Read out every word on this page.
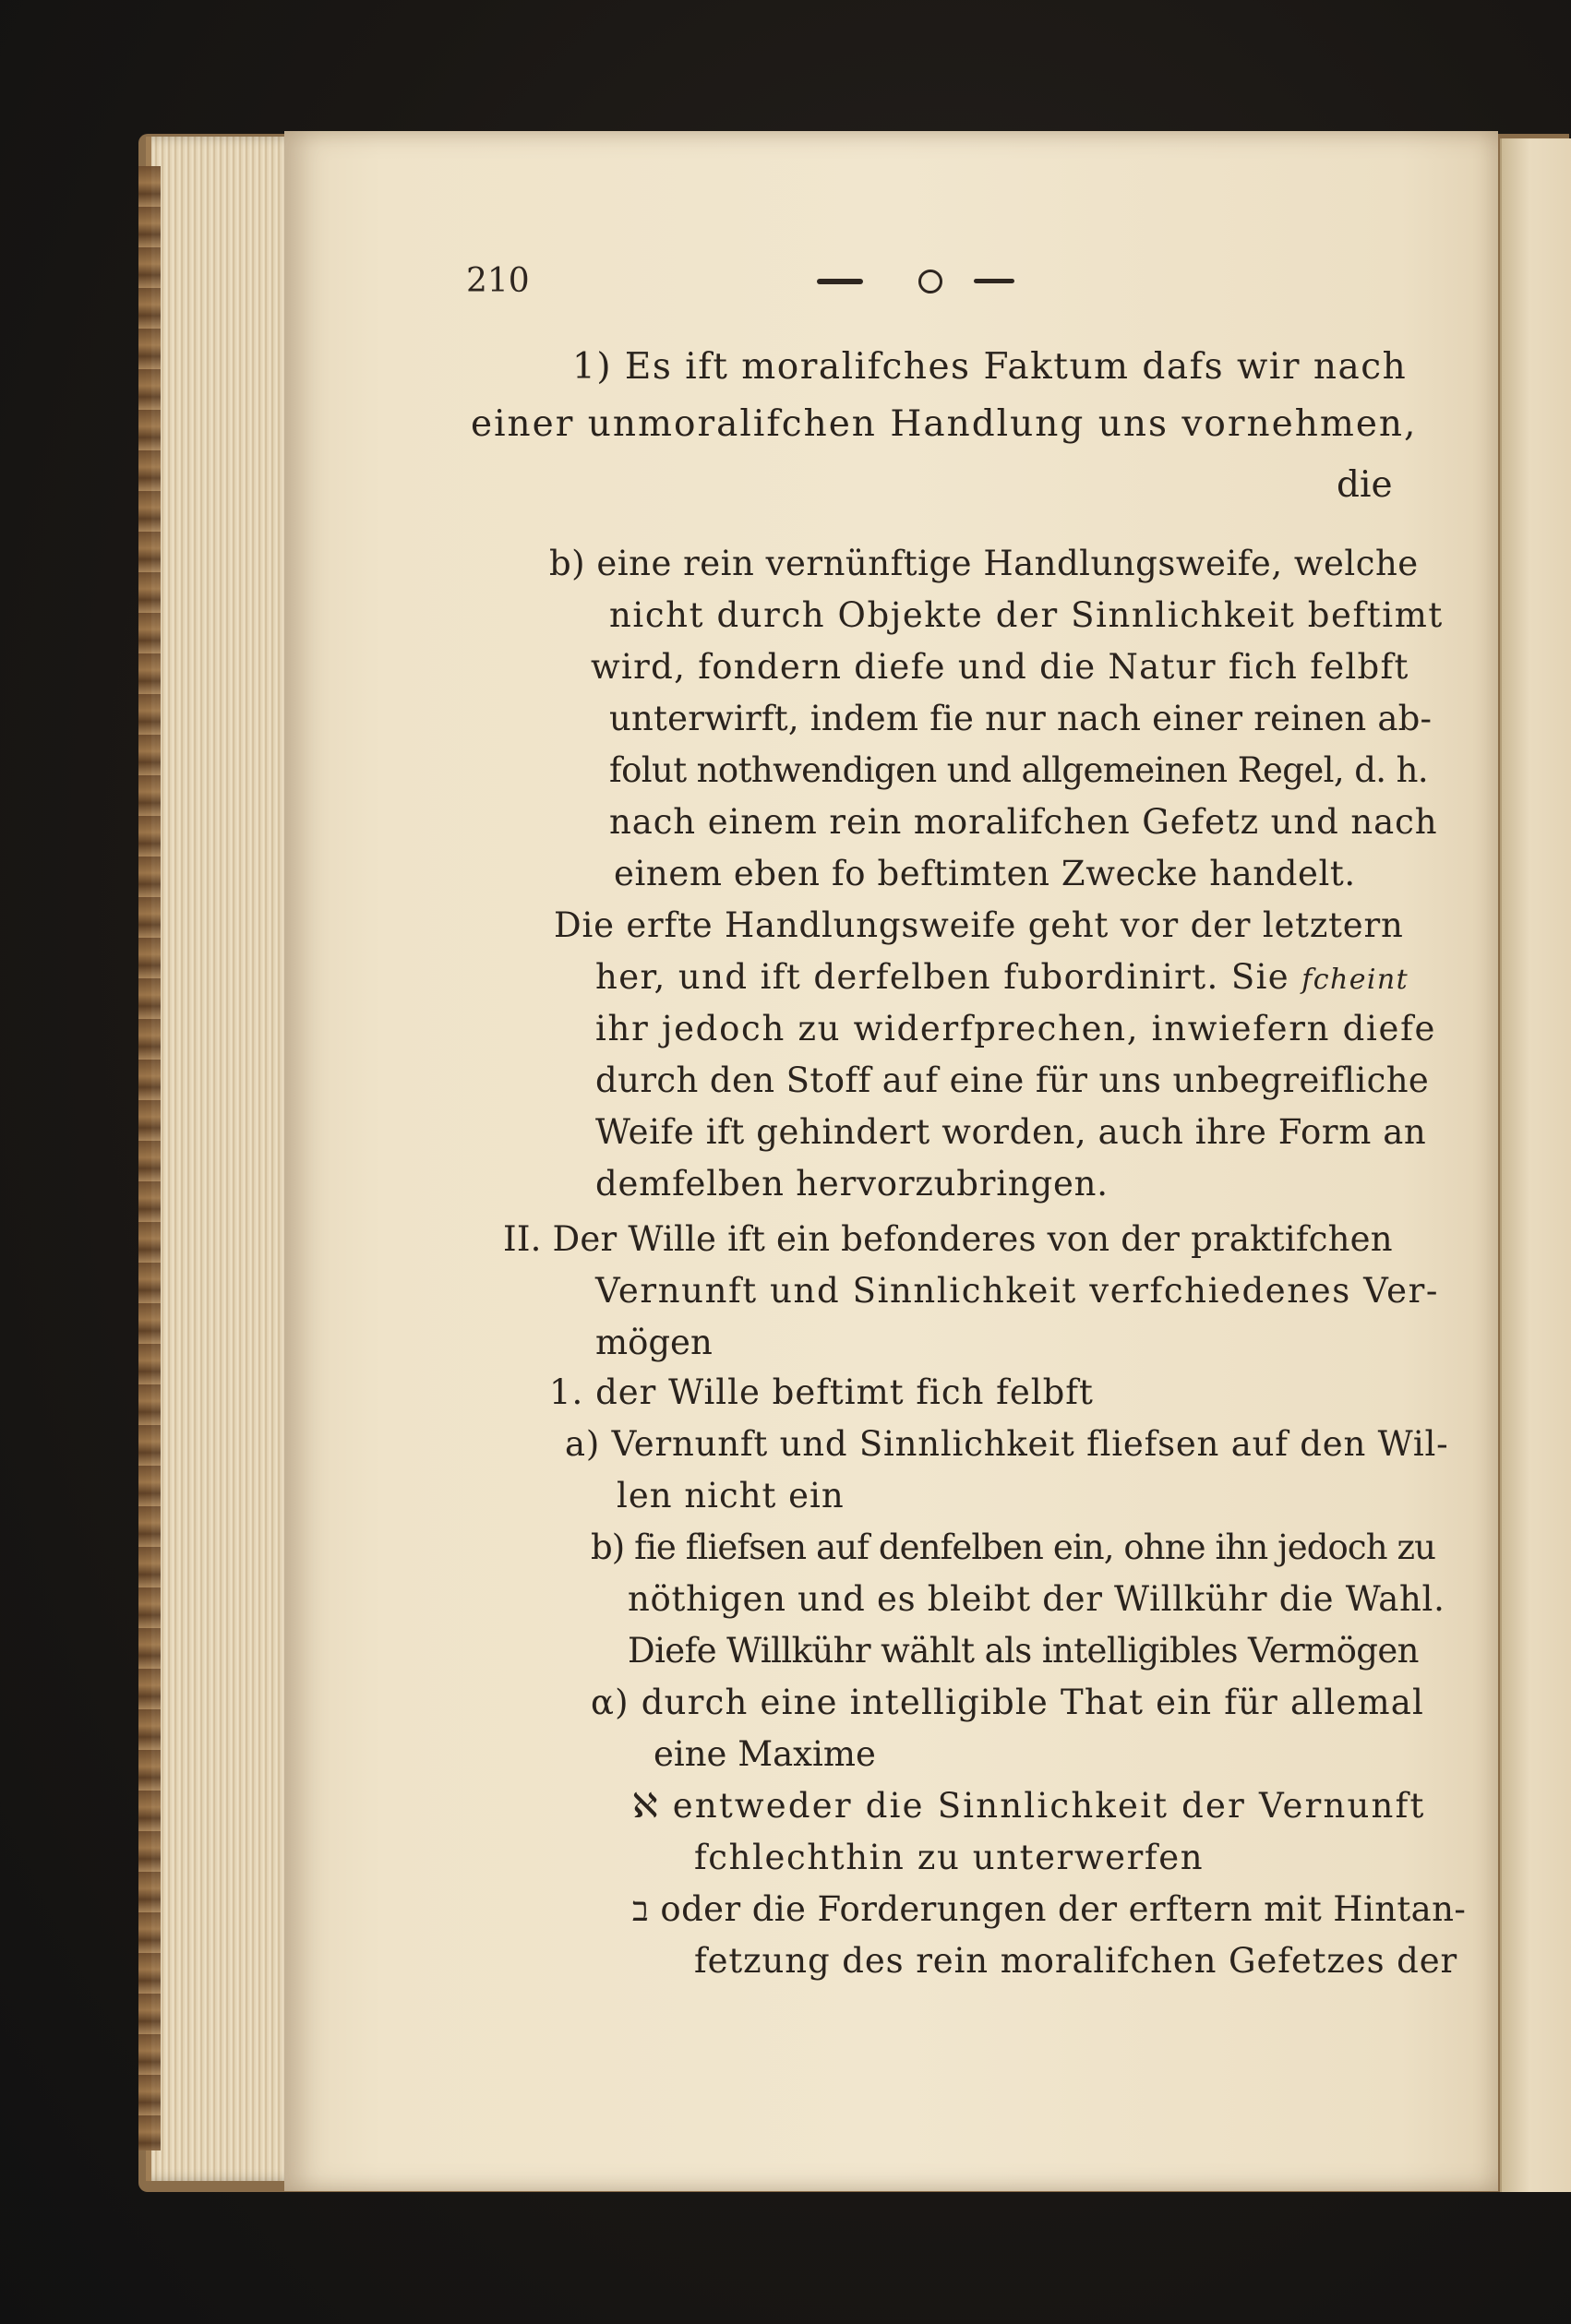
210
1) Es ift moralifches Faktum dafs wir nach
einer unmoralifchen Handlung uns vornehmen,
die
b) eine rein vernünftige Handlungsweife, welche
nicht durch Objekte der Sinnlichkeit beftimt
wird, fondern diefe und die Natur fich felbft
unterwirft, indem fie nur nach einer reinen ab-
folut nothwendigen und allgemeinen Regel, d. h.
nach einem rein moralifchen Gefetz und nach
einem eben fo beftimten Zwecke handelt.
Die erfte Handlungsweife geht vor der letztern
her, und ift derfelben fubordinirt. Sie fcheint
ihr jedoch zu widerfprechen, inwiefern diefe
durch den Stoff auf eine für uns unbegreifliche
Weife ift gehindert worden, auch ihre Form an
demfelben hervorzubringen.
II. Der Wille ift ein befonderes von der praktifchen
Vernunft und Sinnlichkeit verfchiedenes Ver-
mögen
1. der Wille beftimt fich felbft
a) Vernunft und Sinnlichkeit fliefsen auf den Wil-
len nicht ein
b) fie fliefsen auf denfelben ein, ohne ihn jedoch zu
nöthigen und es bleibt der Willkühr die Wahl.
Diefe Willkühr wählt als intelligibles Vermögen
α) durch eine intelligible That ein für allemal
eine Maxime
ℵ entweder die Sinnlichkeit der Vernunft
fchlechthin zu unterwerfen
ב oder die Forderungen der erftern mit Hintan-
fetzung des rein moralifchen Gefetzes der
